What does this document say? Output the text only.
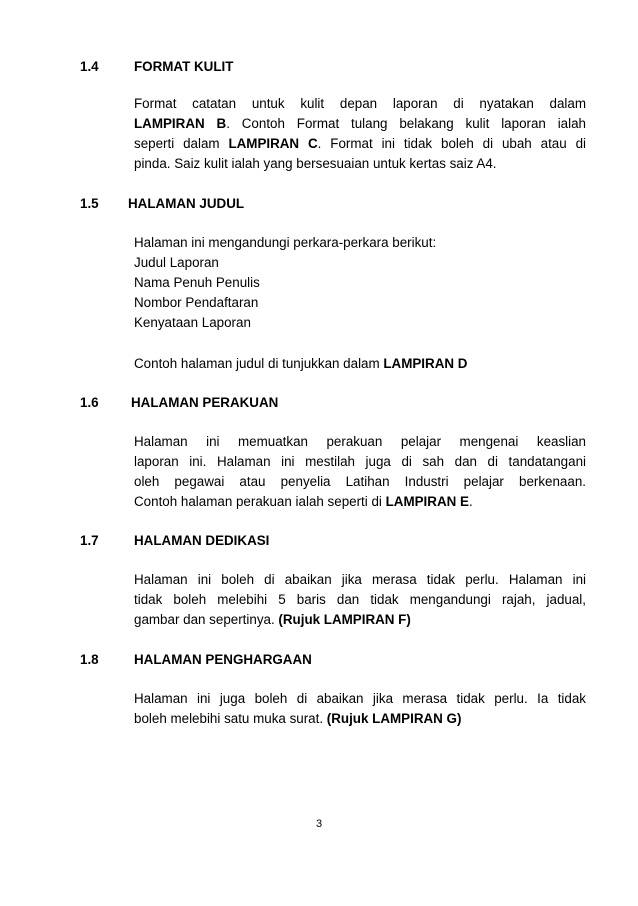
1.4	FORMAT KULIT
Format catatan untuk kulit depan laporan di nyatakan dalam
LAMPIRAN B. Contoh Format tulang belakang kulit laporan ialah
seperti dalam LAMPIRAN C. Format ini tidak boleh di ubah atau di
pinda. Saiz kulit ialah yang bersesuaian untuk kertas saiz A4.
1.5 HALAMAN JUDUL
Halaman ini mengandungi perkara-perkara berikut:
Judul Laporan
Nama Penuh Penulis
Nombor Pendaftaran
Kenyataan Laporan
Contoh halaman judul di tunjukkan dalam LAMPIRAN D
1.6 HALAMAN PERAKUAN
Halaman ini memuatkan perakuan pelajar mengenai keaslian
laporan ini. Halaman ini mestilah juga di sah dan di tandatangani
oleh pegawai atau penyelia Latihan Industri pelajar berkenaan.
Contoh halaman perakuan ialah seperti di LAMPIRAN E.
1.7	HALAMAN DEDIKASI
Halaman ini boleh di abaikan jika merasa tidak perlu. Halaman ini
tidak boleh melebihi 5 baris dan tidak mengandungi rajah, jadual,
gambar dan sepertinya. (Rujuk LAMPIRAN F)
1.8	HALAMAN PENGHARGAAN
Halaman ini juga boleh di abaikan jika merasa tidak perlu. Ia tidak
boleh melebihi satu muka surat. (Rujuk LAMPIRAN G)
3
